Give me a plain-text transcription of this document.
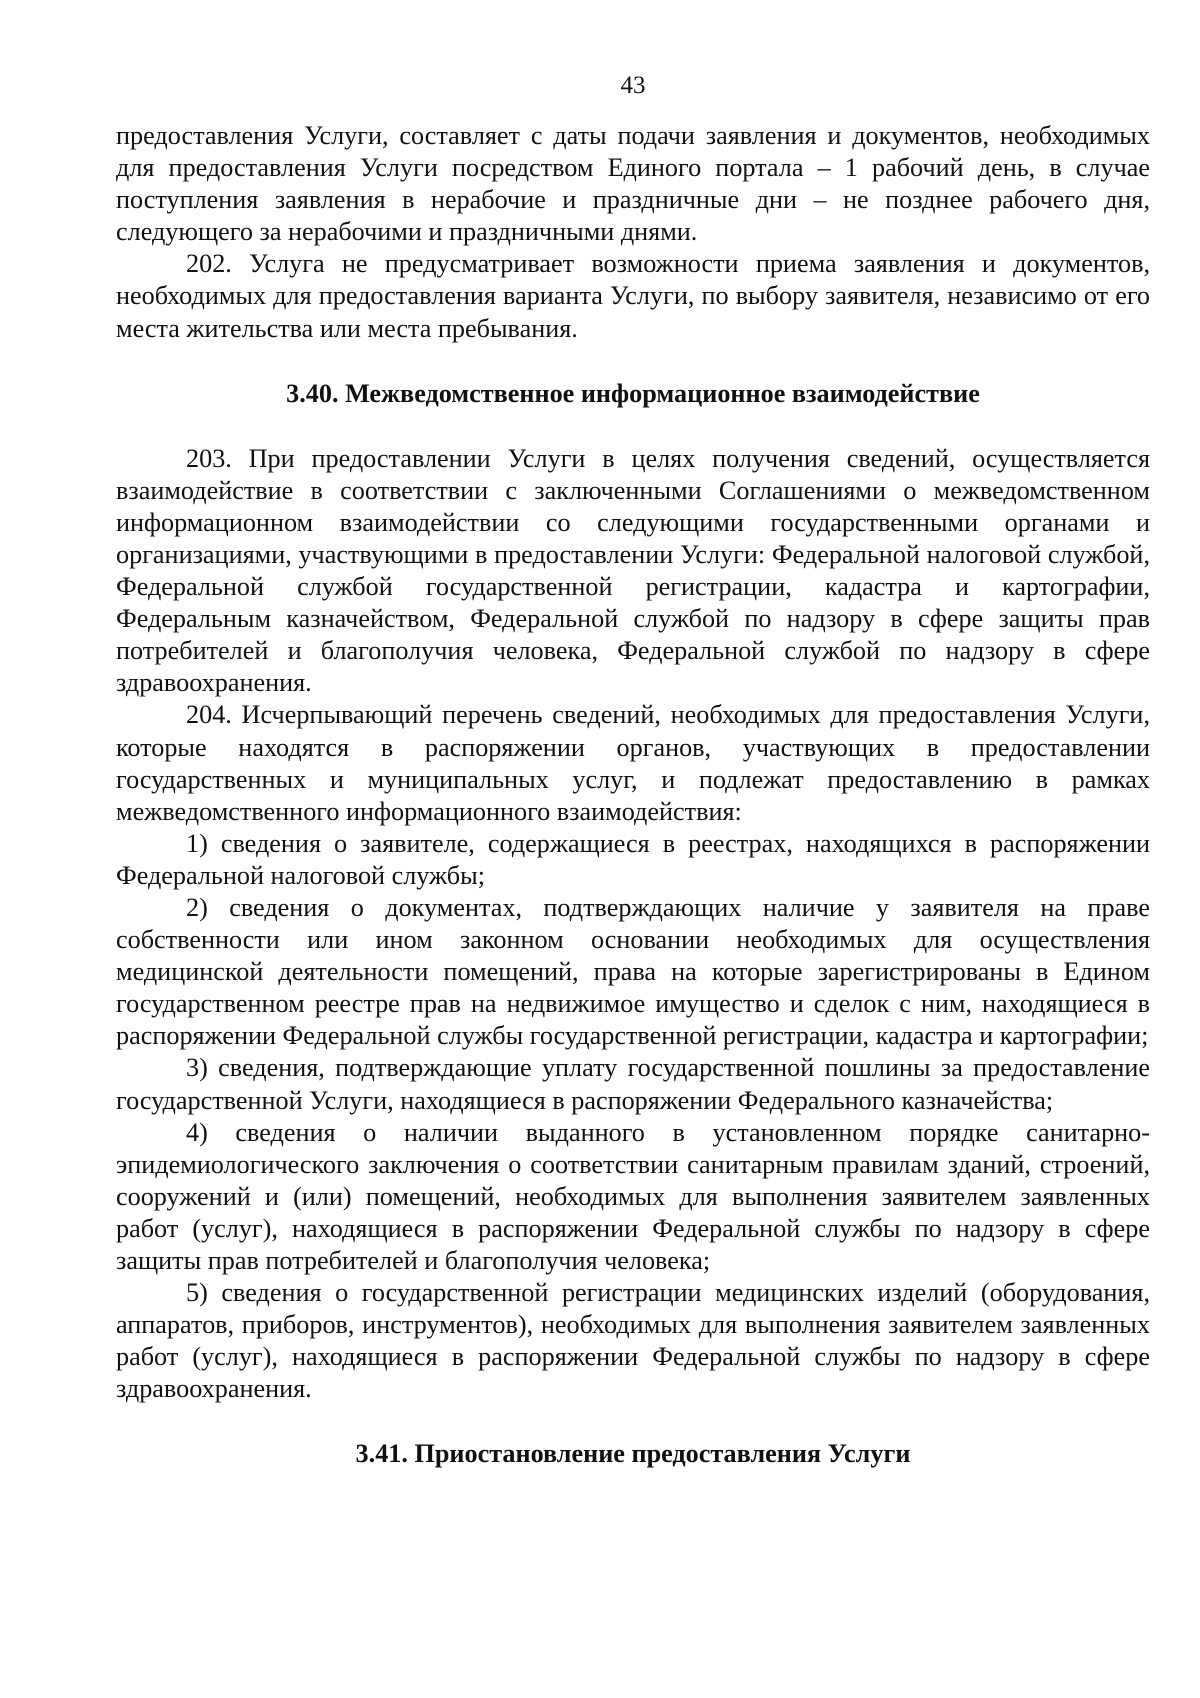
43

предоставления Услуги, составляет с даты подачи заявления и документов, необходимых для предоставления Услуги посредством Единого портала – 1 рабочий день, в случае поступления заявления в нерабочие и праздничные дни – не позднее рабочего дня, следующего за нерабочими и праздничными днями.

202. Услуга не предусматривает возможности приема заявления и документов, необходимых для предоставления варианта Услуги, по выбору заявителя, независимо от его места жительства или места пребывания.

3.40. Межведомственное информационное взаимодействие

203. При предоставлении Услуги в целях получения сведений, осуществляется взаимодействие в соответствии с заключенными Соглашениями о межведомственном информационном взаимодействии со следующими государственными органами и организациями, участвующими в предоставлении Услуги: Федеральной налоговой службой, Федеральной службой государственной регистрации, кадастра и картографии, Федеральным казначейством, Федеральной службой по надзору в сфере защиты прав потребителей и благополучия человека, Федеральной службой по надзору в сфере здравоохранения.

204. Исчерпывающий перечень сведений, необходимых для предоставления Услуги, которые находятся в распоряжении органов, участвующих в предоставлении государственных и муниципальных услуг, и подлежат предоставлению в рамках межведомственного информационного взаимодействия:

1) сведения о заявителе, содержащиеся в реестрах, находящихся в распоряжении Федеральной налоговой службы;

2) сведения о документах, подтверждающих наличие у заявителя на праве собственности или ином законном основании необходимых для осуществления медицинской деятельности помещений, права на которые зарегистрированы в Едином государственном реестре прав на недвижимое имущество и сделок с ним, находящиеся в распоряжении Федеральной службы государственной регистрации, кадастра и картографии;

3) сведения, подтверждающие уплату государственной пошлины за предоставление государственной Услуги, находящиеся в распоряжении Федерального казначейства;

4) сведения о наличии выданного в установленном порядке санитарно-эпидемиологического заключения о соответствии санитарным правилам зданий, строений, сооружений и (или) помещений, необходимых для выполнения заявителем заявленных работ (услуг), находящиеся в распоряжении Федеральной службы по надзору в сфере защиты прав потребителей и благополучия человека;

5) сведения о государственной регистрации медицинских изделий (оборудования, аппаратов, приборов, инструментов), необходимых для выполнения заявителем заявленных работ (услуг), находящиеся в распоряжении Федеральной службы по надзору в сфере здравоохранения.

3.41. Приостановление предоставления Услуги
